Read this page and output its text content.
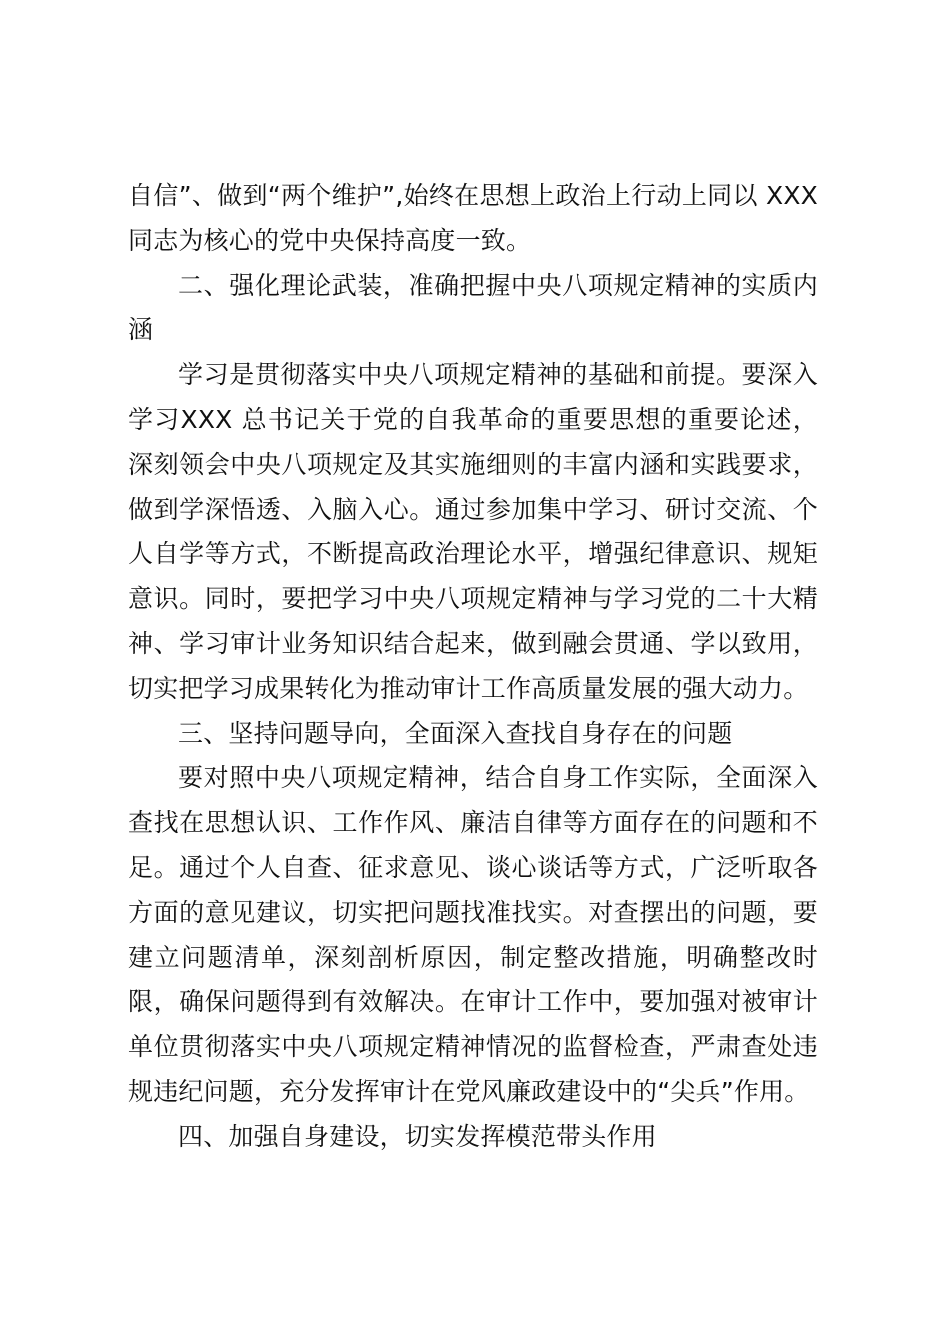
自信”、做到“两个维护”,始终在思想上政治上行动上同以 XXX 同志为核心的党中央保持高度一致。

二、强化理论武装，准确把握中央八项规定精神的实质内涵

学习是贯彻落实中央八项规定精神的基础和前提。要深入学习XXX 总书记关于党的自我革命的重要思想的重要论述，深刻领会中央八项规定及其实施细则的丰富内涵和实践要求，做到学深悟透、入脑入心。通过参加集中学习、研讨交流、个人自学等方式，不断提高政治理论水平，增强纪律意识、规矩意识。同时，要把学习中央八项规定精神与学习党的二十大精神、学习审计业务知识结合起来，做到融会贯通、学以致用，切实把学习成果转化为推动审计工作高质量发展的强大动力。

三、坚持问题导向，全面深入查找自身存在的问题

要对照中央八项规定精神，结合自身工作实际，全面深入查找在思想认识、工作作风、廉洁自律等方面存在的问题和不足。通过个人自查、征求意见、谈心谈话等方式，广泛听取各方面的意见建议，切实把问题找准找实。对查摆出的问题，要建立问题清单，深刻剖析原因，制定整改措施，明确整改时限，确保问题得到有效解决。在审计工作中，要加强对被审计单位贯彻落实中央八项规定精神情况的监督检查，严肃查处违规违纪问题，充分发挥审计在党风廉政建设中的“尖兵”作用。

四、加强自身建设，切实发挥模范带头作用
